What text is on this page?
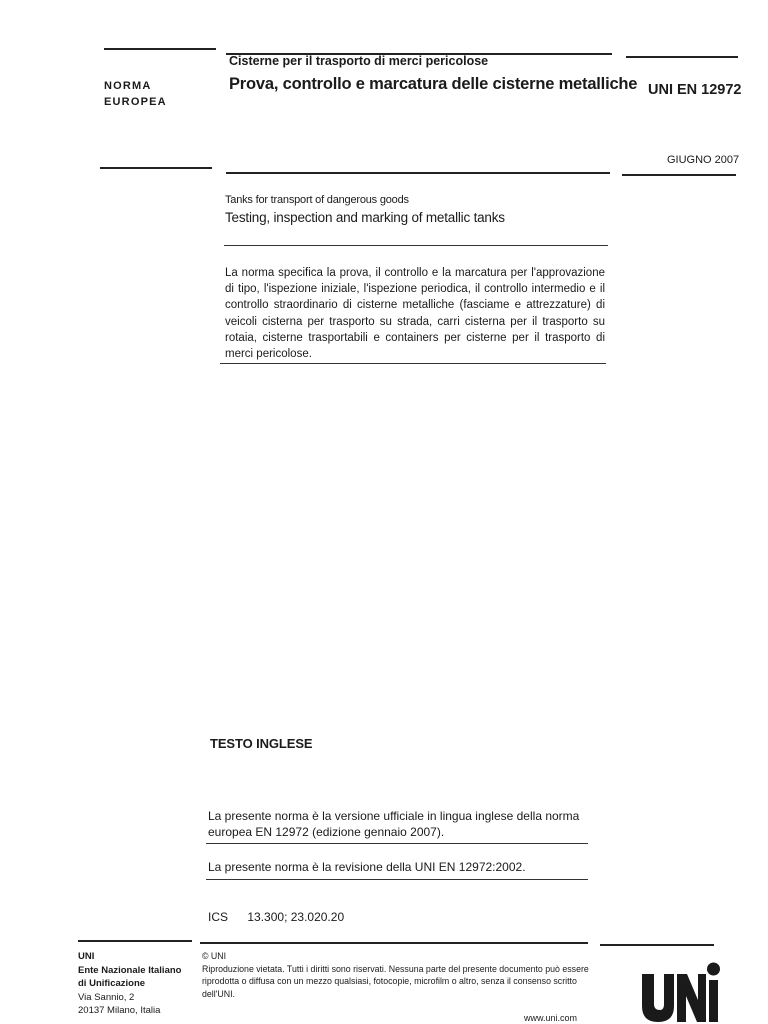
NORMA
EUROPEA
Cisterne per il trasporto di merci pericolose
Prova, controllo e marcatura delle cisterne metalliche UNI EN 12972
GIUGNO 2007
Tanks for transport of dangerous goods
Testing, inspection and marking of metallic tanks
La norma specifica la prova, il controllo e la marcatura per l'approvazione di tipo, l'ispezione iniziale, l'ispezione periodica, il controllo intermedio e il controllo straordinario di cisterne metalliche (fasciame e attrezzature) di veicoli cisterna per trasporto su strada, carri cisterna per il trasporto su rotaia, cisterne trasportabili e containers per cisterne per il trasporto di merci pericolose.
TESTO INGLESE
La presente norma è la versione ufficiale in lingua inglese della norma europea EN 12972 (edizione gennaio 2007).
La presente norma è la revisione della UNI EN 12972:2002.
ICS 13.300; 23.020.20
UNI
Ente Nazionale Italiano
di Unificazione
Via Sannio, 2
20137 Milano, Italia
© UNI
Riproduzione vietata. Tutti i diritti sono riservati. Nessuna parte del presente documento può essere riprodotta o diffusa con un mezzo qualsiasi, fotocopie, microfilm o altro, senza il consenso scritto dell'UNI.
www.uni.com
